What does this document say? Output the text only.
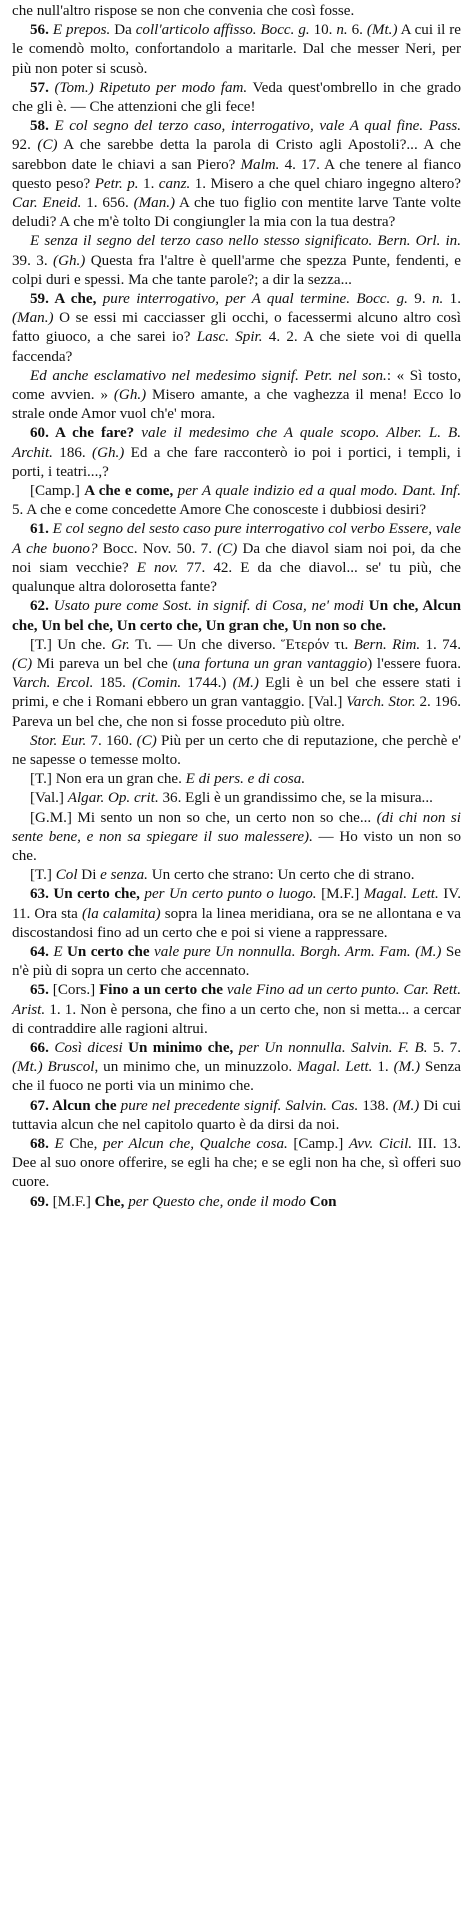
che null'altro rispose se non che convenia che così fosse.

56. E prepos. Da coll'articolo affisso. Bocc. g. 10. n. 6. (Mt.) A cui il re le comendò molto, confortandolo a maritarle. Dal che messer Neri, per più non poter si scusò.

57. (Tom.) Ripetuto per modo fam. Veda quest'ombrello in che grado che gli è. — Che attenzioni che gli fece!

58. E col segno del terzo caso, interrogativo, vale A qual fine. Pass. 92. (C) A che sarebbe detta la parola di Cristo agli Apostoli?... A che sarebbon date le chiavi a san Piero? Malm. 4. 17. A che tenere al fianco questo peso? Petr. p. 1. canz. 1. Misero a che quel chiaro ingegno altero? Car. Eneid. 1. 656. (Man.) A che tuo figlio con mentite larve Tante volte deludi? A che m'è tolto Di congiungler la mia con la tua destra?

E senza il segno del terzo caso nello stesso significato. Bern. Orl. in. 39. 3. (Gh.) Questa fra l'altre è quell'arme che spezza Punte, fendenti, e colpi duri e spessi. Ma che tante parole?; a dir la sezza...

59. A che, pure interrogativo, per A qual termine. Bocc. g. 9. n. 1. (Man.) O se essi mi cacciasser gli occhi, o facessermi alcuno altro così fatto giuoco, a che sarei io? Lasc. Spir. 4. 2. A che siete voi di quella faccenda?

Ed anche esclamativo nel medesimo signif. Petr. nel son.: « Sì tosto, come avvien. » (Gh.) Misero amante, a che vaghezza il mena! Ecco lo strale onde Amor vuol ch'e' mora.

60. A che fare? vale il medesimo che A quale scopo. Alber. L. B. Archit. 186. (Gh.) Ed a che fare racconterò io poi i portici, i templi, i porti, i teatri...,?

[Camp.] A che e come, per A quale indizio ed a qual modo. Dant. Inf. 5. A che e come concedette Amore Che conosceste i dubbiosi desiri?

61. E col segno del sesto caso pure interrogativo col verbo Essere, vale A che buono? Bocc. Nov. 50. 7. (C) Da che diavol siam noi poi, da che noi siam vecchie? E nov. 77. 42. E da che diavol... se' tu più, che qualunque altra dolorosetta fante?

62. Usato pure come Sost. in signif. di Cosa, ne' modi Un che, Alcun che, Un bel che, Un certo che, Un gran che, Un non so che.

[T.] Un che. Gr. Τι. — Un che diverso. Ἕτερόν τι. Bern. Rim. 1. 74. (C) Mi pareva un bel che (una fortuna un gran vantaggio) l'essere fuora. Varch. Ercol. 185. (Comin. 1744.) (M.) Egli è un bel che essere stati i primi, e che i Romani ebbero un gran vantaggio. [Val.] Varch. Stor. 2. 196. Pareva un bel che, che non si fosse proceduto più oltre.

Stor. Eur. 7. 160. (C) Più per un certo che di reputazione, che perchè e' ne sapesse o temesse molto.

[T.] Non era un gran che. E di pers. e di cosa.

[Val.] Algar. Op. crit. 36. Egli è un grandissimo che, se la misura...

[G.M.] Mi sento un non so che, un certo non so che... (di chi non si sente bene, e non sa spiegare il suo malessere). — Ho visto un non so che.

[T.] Col Di e senza. Un certo che strano: Un certo che di strano.

63. Un certo che, per Un certo punto o luogo. [M.F.] Magal. Lett. IV. 11. Ora sta (la calamita) sopra la linea meridiana, ora se ne allontana e va discostandosi fino ad un certo che e poi si viene a rappressare.

64. E Un certo che vale pure Un nonnulla. Borgh. Arm. Fam. (M.) Se n'è più di sopra un certo che accennato.

65. [Cors.] Fino a un certo che vale Fino ad un certo punto. Car. Rett. Arist. 1. 1. Non è persona, che fino a un certo che, non si metta... a cercar di contraddire alle ragioni altrui.

66. Così dicesi Un minimo che, per Un nonnulla. Salvin. F. B. 5. 7. (Mt.) Bruscol, un minimo che, un minuzzolo. Magal. Lett. 1. (M.) Senza che il fuoco ne porti via un minimo che.

67. Alcun che pure nel precedente signif. Salvin. Cas. 138. (M.) Di cui tuttavia alcun che nel capitolo quarto è da dirsi da noi.

68. E Che, per Alcun che, Qualche cosa. [Camp.] Avv. Cicil. III. 13. Dee al suo onore offerire, se egli ha che; e se egli non ha che, sì offeri suo cuore.

69. [M.F.] Che, per Questo che, onde il modo Con
